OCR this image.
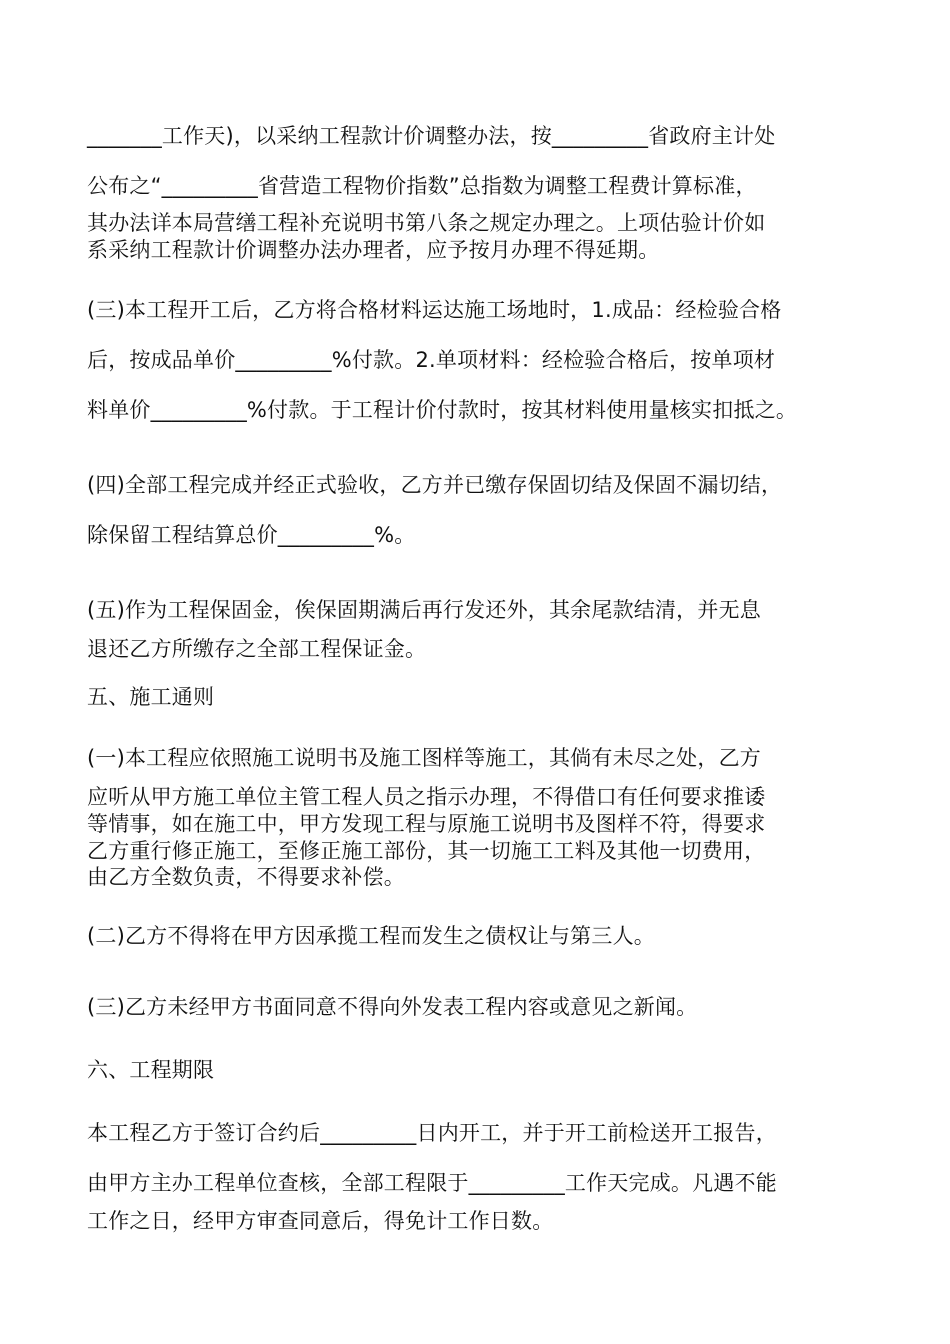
_______工作天)，以采纳工程款计价调整办法，按_________省政府主计处
公布之“_________省营造工程物价指数”总指数为调整工程费计算标准，
其办法详本局营缮工程补充说明书第八条之规定办理之。上项估验计价如
系采纳工程款计价调整办法办理者，应予按月办理不得延期。
(三)本工程开工后，乙方将合格材料运达施工场地时，1.成品：经检验合格
后，按成品单价_________%付款。2.单项材料：经检验合格后，按单项材
料单价_________%付款。于工程计价付款时，按其材料使用量核实扣抵之。
(四)全部工程完成并经正式验收，乙方并已缴存保固切结及保固不漏切结，
除保留工程结算总价_________%。
(五)作为工程保固金，俟保固期满后再行发还外，其余尾款结清，并无息
退还乙方所缴存之全部工程保证金。
五、施工通则
(一)本工程应依照施工说明书及施工图样等施工，其倘有未尽之处，乙方
应听从甲方施工单位主管工程人员之指示办理，不得借口有任何要求推诿
等情事，如在施工中，甲方发现工程与原施工说明书及图样不符，得要求
乙方重行修正施工，至修正施工部份，其一切施工工料及其他一切费用，
由乙方全数负责，不得要求补偿。
(二)乙方不得将在甲方因承揽工程而发生之债权让与第三人。
(三)乙方未经甲方书面同意不得向外发表工程内容或意见之新闻。
六、工程期限
本工程乙方于签订合约后_________日内开工，并于开工前检送开工报告，
由甲方主办工程单位查核，全部工程限于_________工作天完成。凡遇不能
工作之日，经甲方审查同意后，得免计工作日数。
